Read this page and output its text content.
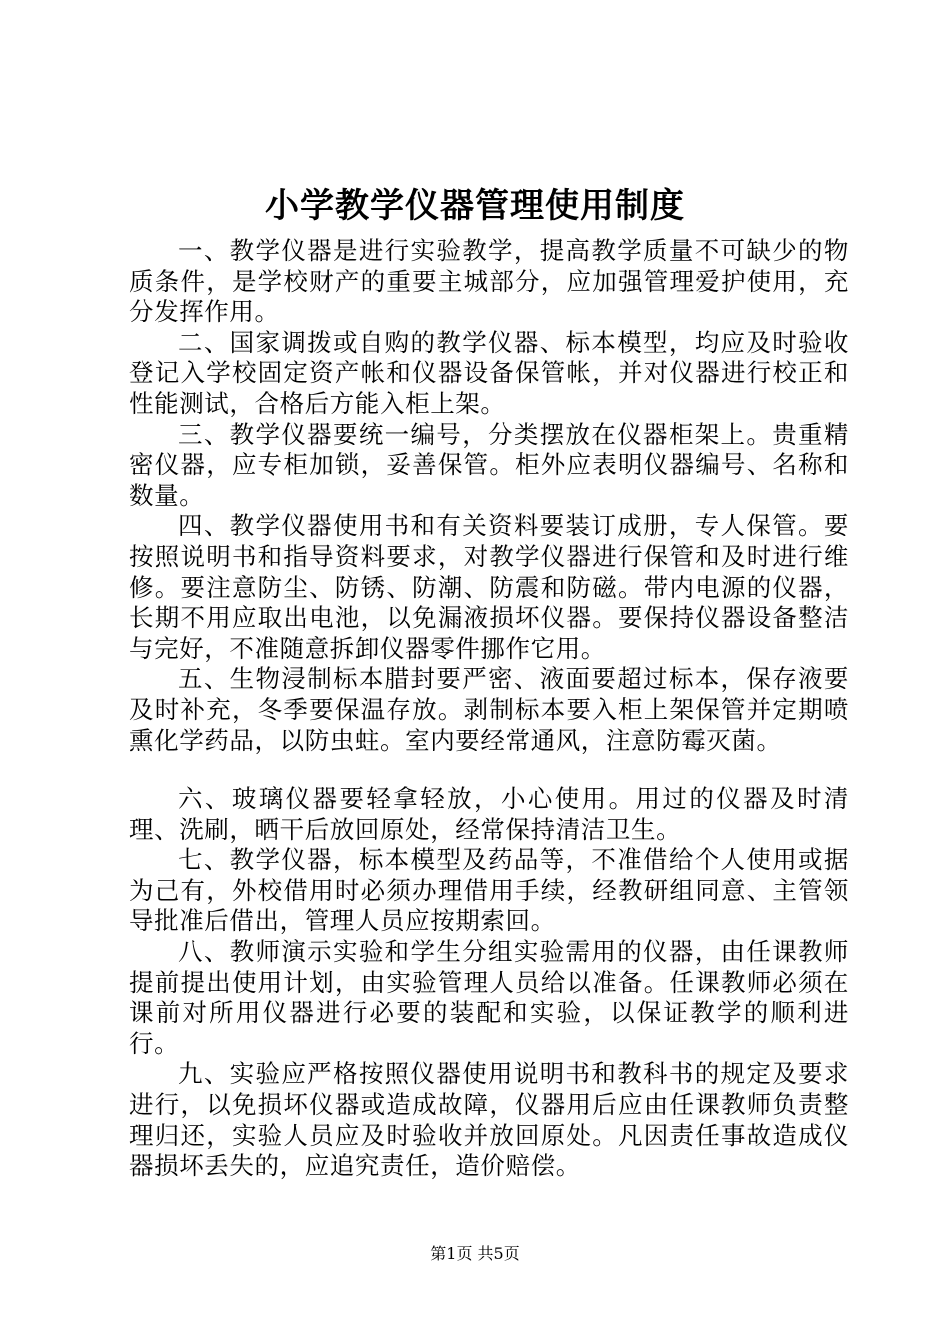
小学教学仪器管理使用制度

一、教学仪器是进行实验教学，提高教学质量不可缺少的物质条件，是学校财产的重要主城部分，应加强管理爱护使用，充分发挥作用。

二、国家调拨或自购的教学仪器、标本模型，均应及时验收登记入学校固定资产帐和仪器设备保管帐，并对仪器进行校正和性能测试，合格后方能入柜上架。

三、教学仪器要统一编号，分类摆放在仪器柜架上。贵重精密仪器，应专柜加锁，妥善保管。柜外应表明仪器编号、名称和数量。

四、教学仪器使用书和有关资料要装订成册，专人保管。要按照说明书和指导资料要求，对教学仪器进行保管和及时进行维修。要注意防尘、防锈、防潮、防震和防磁。带内电源的仪器，长期不用应取出电池，以免漏液损坏仪器。要保持仪器设备整洁与完好，不准随意拆卸仪器零件挪作它用。

五、生物浸制标本腊封要严密、液面要超过标本，保存液要及时补充，冬季要保温存放。剥制标本要入柜上架保管并定期喷熏化学药品，以防虫蛀。室内要经常通风，注意防霉灭菌。

六、玻璃仪器要轻拿轻放，小心使用。用过的仪器及时清理、洗刷，晒干后放回原处，经常保持清洁卫生。

七、教学仪器，标本模型及药品等，不准借给个人使用或据为己有，外校借用时必须办理借用手续，经教研组同意、主管领导批准后借出，管理人员应按期索回。

八、教师演示实验和学生分组实验需用的仪器，由任课教师提前提出使用计划，由实验管理人员给以准备。任课教师必须在课前对所用仪器进行必要的装配和实验，以保证教学的顺利进行。

九、实验应严格按照仪器使用说明书和教科书的规定及要求进行，以免损坏仪器或造成故障，仪器用后应由任课教师负责整理归还，实验人员应及时验收并放回原处。凡因责任事故造成仪器损坏丢失的，应追究责任，造价赔偿。

第1页 共5页
